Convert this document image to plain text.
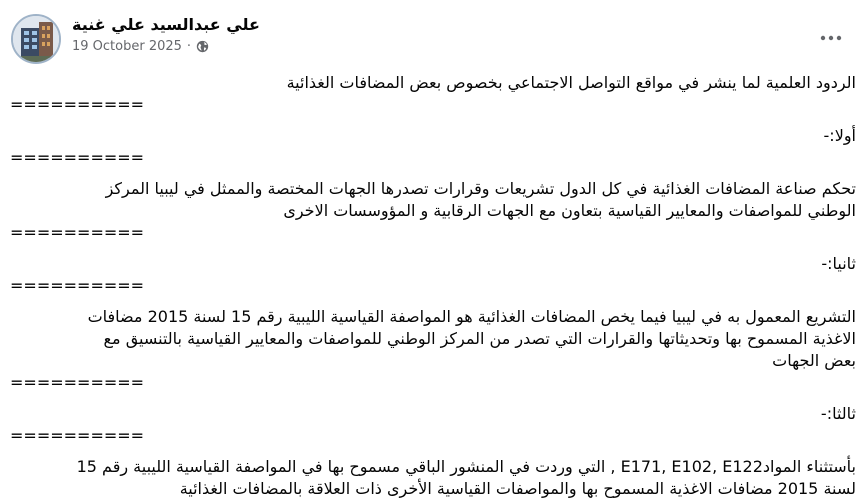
علي عبدالسيد علي غنية
19 October 2025 ·
الردود العلمية لما ينشر في مواقع التواصل الاجتماعي بخصوص بعض المضافات الغذائية
==========
أولا:-
==========
تحكم صناعة المضافات الغذائية في كل الدول تشريعات وقرارات تصدرها الجهات المختصة والممثل في ليبيا المركز
الوطني للمواصفات والمعايير القياسية بتعاون مع الجهات الرقابية و المؤوسسات الاخرى
==========
ثانيا:-
==========
التشريع المعمول به في ليبيا فيما يخص المضافات الغذائية هو المواصفة القياسية الليبية رقم 15 لسنة 2015 مضافات
الاغذية المسموح بها وتحديثاتها والقرارات التي تصدر من المركز الوطني للمواصفات والمعايير القياسية بالتنسيق مع
بعض الجهات
==========
ثالثا:-
==========
بأستثناء الموادE171, E102, E122 , التي وردت في المنشور الباقي مسموح بها في المواصفة القياسية الليبية رقم 15
لسنة 2015 مضافات الاغذية المسموح بها والمواصفات القياسية الأخرى ذات العلاقة بالمضافات الغذائية
